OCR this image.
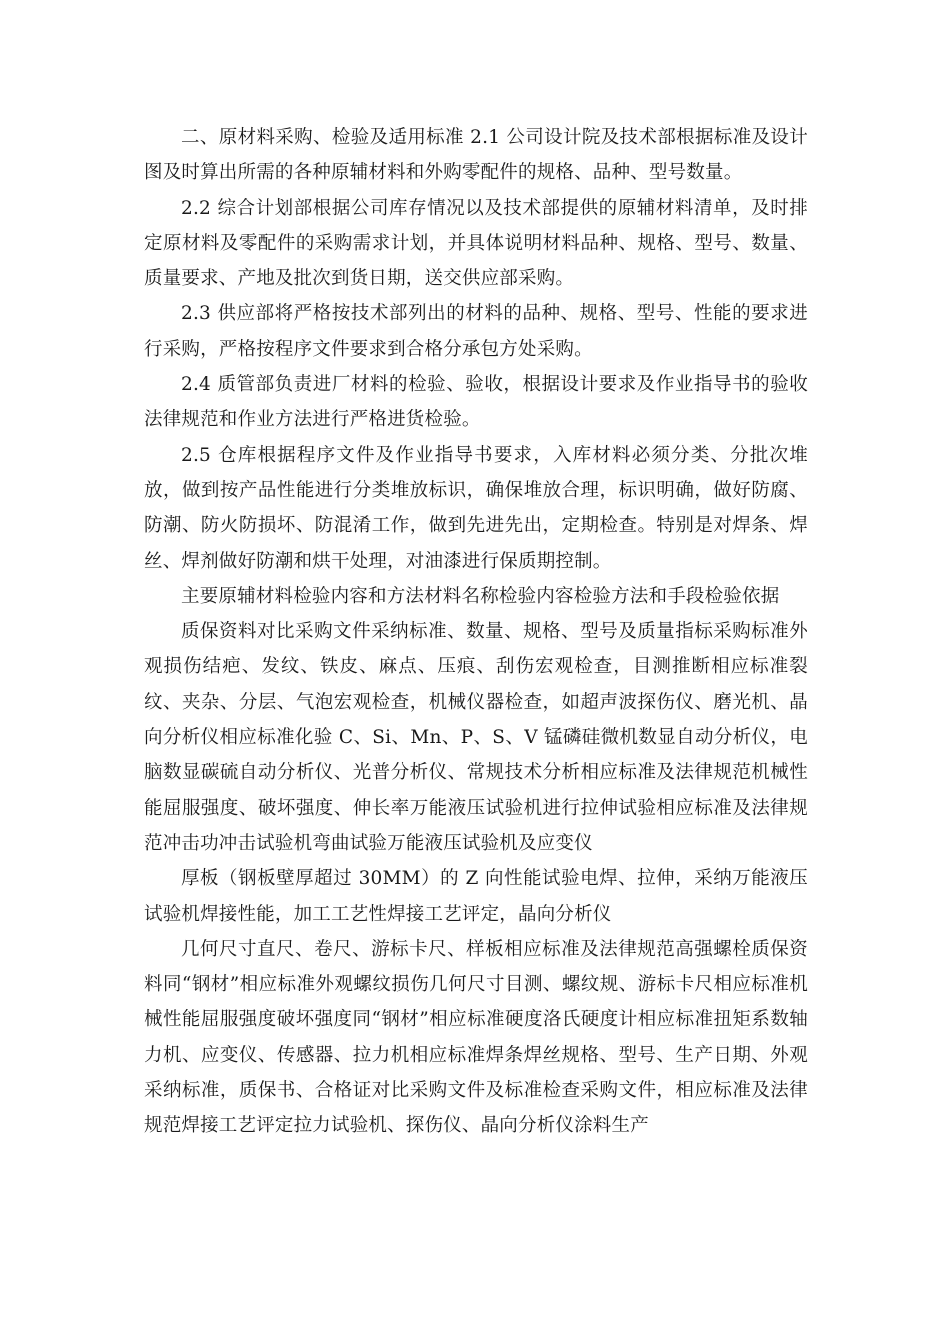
二、原材料采购、检验及适用标准 2.1 公司设计院及技术部根据标准及设计图及时算出所需的各种原辅材料和外购零配件的规格、品种、型号数量。

2.2 综合计划部根据公司库存情况以及技术部提供的原辅材料清单，及时排定原材料及零配件的采购需求计划，并具体说明材料品种、规格、型号、数量、质量要求、产地及批次到货日期，送交供应部采购。

2.3 供应部将严格按技术部列出的材料的品种、规格、型号、性能的要求进行采购，严格按程序文件要求到合格分承包方处采购。

2.4 质管部负责进厂材料的检验、验收，根据设计要求及作业指导书的验收法律规范和作业方法进行严格进货检验。

2.5 仓库根据程序文件及作业指导书要求，入库材料必须分类、分批次堆放，做到按产品性能进行分类堆放标识，确保堆放合理，标识明确，做好防腐、防潮、防火防损坏、防混淆工作，做到先进先出，定期检查。特别是对焊条、焊丝、焊剂做好防潮和烘干处理，对油漆进行保质期控制。

主要原辅材料检验内容和方法材料名称检验内容检验方法和手段检验依据

质保资料对比采购文件采纳标准、数量、规格、型号及质量指标采购标准外观损伤结疤、发纹、铁皮、麻点、压痕、刮伤宏观检查，目测推断相应标准裂纹、夹杂、分层、气泡宏观检查，机械仪器检查，如超声波探伤仪、磨光机、晶向分析仪相应标准化验 C、Si、Mn、P、S、V 锰磷硅微机数显自动分析仪，电脑数显碳硫自动分析仪、光普分析仪、常规技术分析相应标准及法律规范机械性能屈服强度、破坏强度、伸长率万能液压试验机进行拉伸试验相应标准及法律规范冲击功冲击试验机弯曲试验万能液压试验机及应变仪

厚板（钢板壁厚超过 30MM）的 Z 向性能试验电焊、拉伸，采纳万能液压试验机焊接性能，加工工艺性焊接工艺评定，晶向分析仪

几何尺寸直尺、卷尺、游标卡尺、样板相应标准及法律规范高强螺栓质保资料同“钢材”相应标准外观螺纹损伤几何尺寸目测、螺纹规、游标卡尺相应标准机械性能屈服强度破坏强度同“钢材”相应标准硬度洛氏硬度计相应标准扭矩系数轴力机、应变仪、传感器、拉力机相应标准焊条焊丝规格、型号、生产日期、外观采纳标准，质保书、合格证对比采购文件及标准检查采购文件，相应标准及法律规范焊接工艺评定拉力试验机、探伤仪、晶向分析仪涂料生产
